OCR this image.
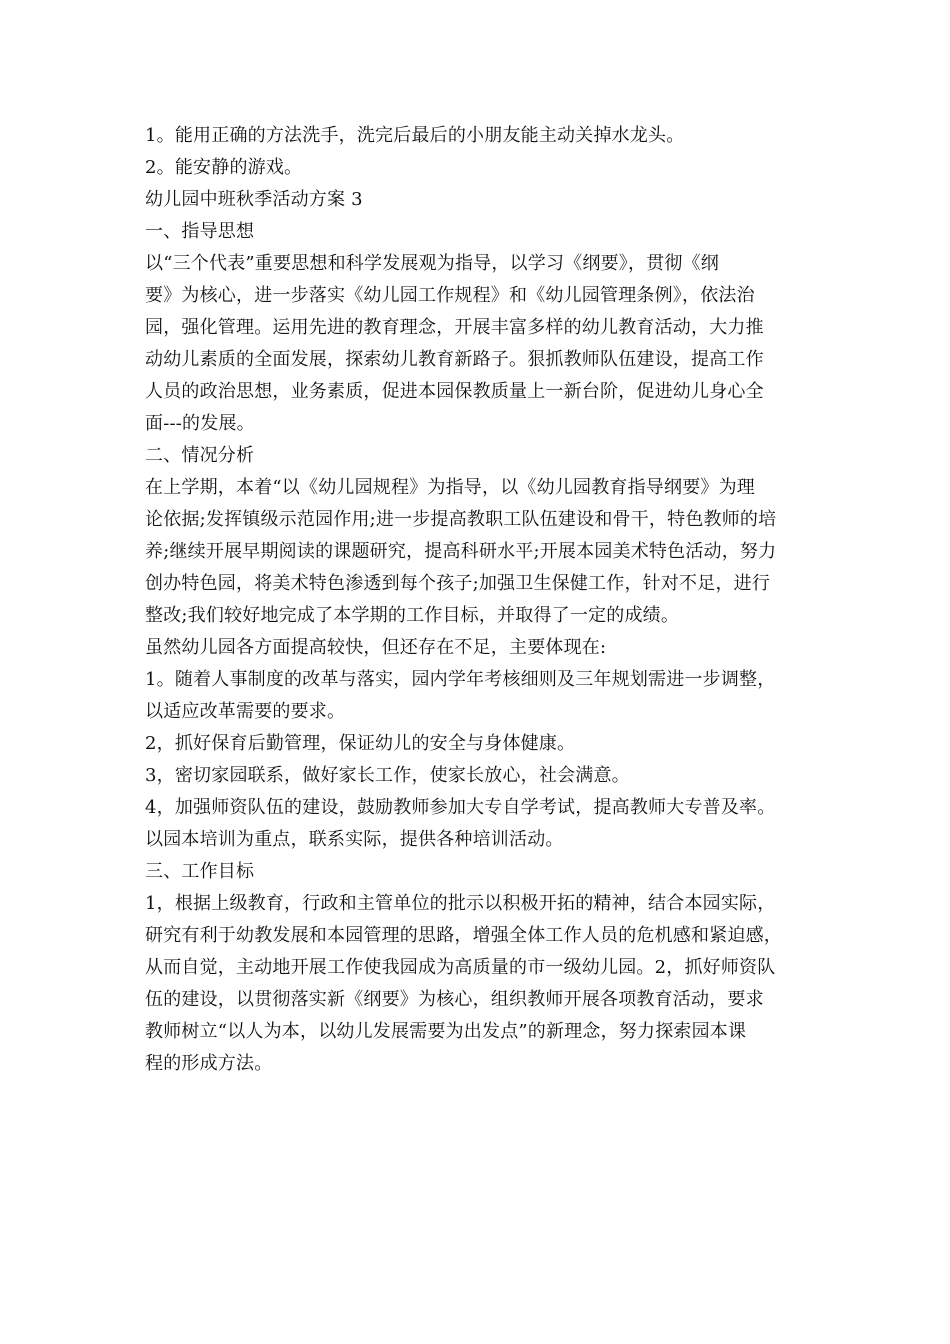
1。能用正确的方法洗手，洗完后最后的小朋友能主动关掉水龙头。
2。能安静的游戏。
幼儿园中班秋季活动方案 3
一、指导思想
以“三个代表”重要思想和科学发展观为指导，以学习《纲要》，贯彻《纲
要》为核心，进一步落实《幼儿园工作规程》和《幼儿园管理条例》，依法治
园，强化管理。运用先进的教育理念，开展丰富多样的幼儿教育活动，大力推
动幼儿素质的全面发展，探索幼儿教育新路子。狠抓教师队伍建设，提高工作
人员的政治思想，业务素质，促进本园保教质量上一新台阶，促进幼儿身心全
面---的发展。
二、情况分析
在上学期，本着“以《幼儿园规程》为指导，以《幼儿园教育指导纲要》为理
论依据;发挥镇级示范园作用;进一步提高教职工队伍建设和骨干，特色教师的培
养;继续开展早期阅读的课题研究，提高科研水平;开展本园美术特色活动，努力
创办特色园，将美术特色渗透到每个孩子;加强卫生保健工作，针对不足，进行
整改;我们较好地完成了本学期的工作目标，并取得了一定的成绩。
虽然幼儿园各方面提高较快，但还存在不足，主要体现在:
1。随着人事制度的改革与落实，园内学年考核细则及三年规划需进一步调整，
以适应改革需要的要求。
2，抓好保育后勤管理，保证幼儿的安全与身体健康。
3，密切家园联系，做好家长工作，使家长放心，社会满意。
4，加强师资队伍的建设，鼓励教师参加大专自学考试，提高教师大专普及率。
以园本培训为重点，联系实际，提供各种培训活动。
三、工作目标
1，根据上级教育，行政和主管单位的批示以积极开拓的精神，结合本园实际，
研究有利于幼教发展和本园管理的思路，增强全体工作人员的危机感和紧迫感，
从而自觉，主动地开展工作使我园成为高质量的市一级幼儿园。2，抓好师资队
伍的建设，以贯彻落实新《纲要》为核心，组织教师开展各项教育活动，要求
教师树立“以人为本，以幼儿发展需要为出发点”的新理念，努力探索园本课
程的形成方法。
